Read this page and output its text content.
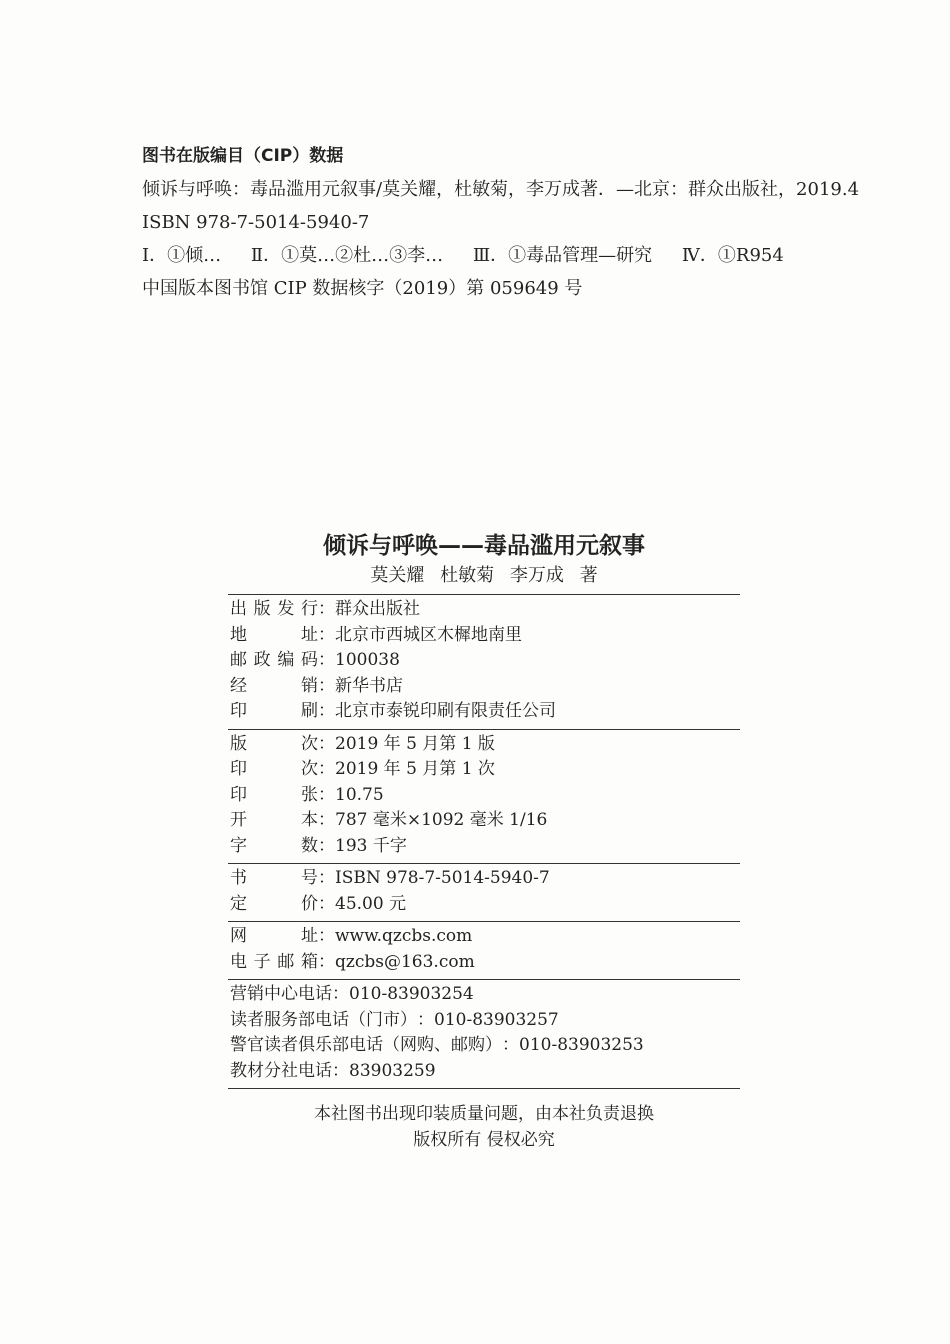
图书在版编目（CIP）数据
倾诉与呼唤：毒品滥用元叙事/莫关耀，杜敏菊，李万成著．—北京：群众出版社，2019.4
ISBN 978-7-5014-5940-7
Ⅰ．①倾… Ⅱ．①莫…②杜…③李… Ⅲ．①毒品管理—研究 Ⅳ．①R954
中国版本图书馆 CIP 数据核字（2019）第 059649 号
倾诉与呼唤——毒品滥用元叙事
莫关耀 杜敏菊 李万成 著
出版发行 ： 群众出版社
地 址 ： 北京市西城区木樨地南里
邮政编码 ： 100038
经 销 ： 新华书店
印 刷 ： 北京市泰锐印刷有限责任公司
版 次 ： 2019 年 5 月第 1 版
印 次 ： 2019 年 5 月第 1 次
印 张 ： 10.75
开 本 ： 787 毫米×1092 毫米 1/16
字 数 ： 193 千字
书 号 ： ISBN 978-7-5014-5940-7
定 价 ： 45.00 元
网 址 ： www.qzcbs.com
电子邮箱 ： qzcbs@163.com
营销中心电话 ： 010-83903254
读者服务部电话（门市） ： 010-83903257
警官读者俱乐部电话（网购、邮购） ： 010-83903253
教材分社电话 ： 83903259
本社图书出现印装质量问题，由本社负责退换
版权所有 侵权必究
